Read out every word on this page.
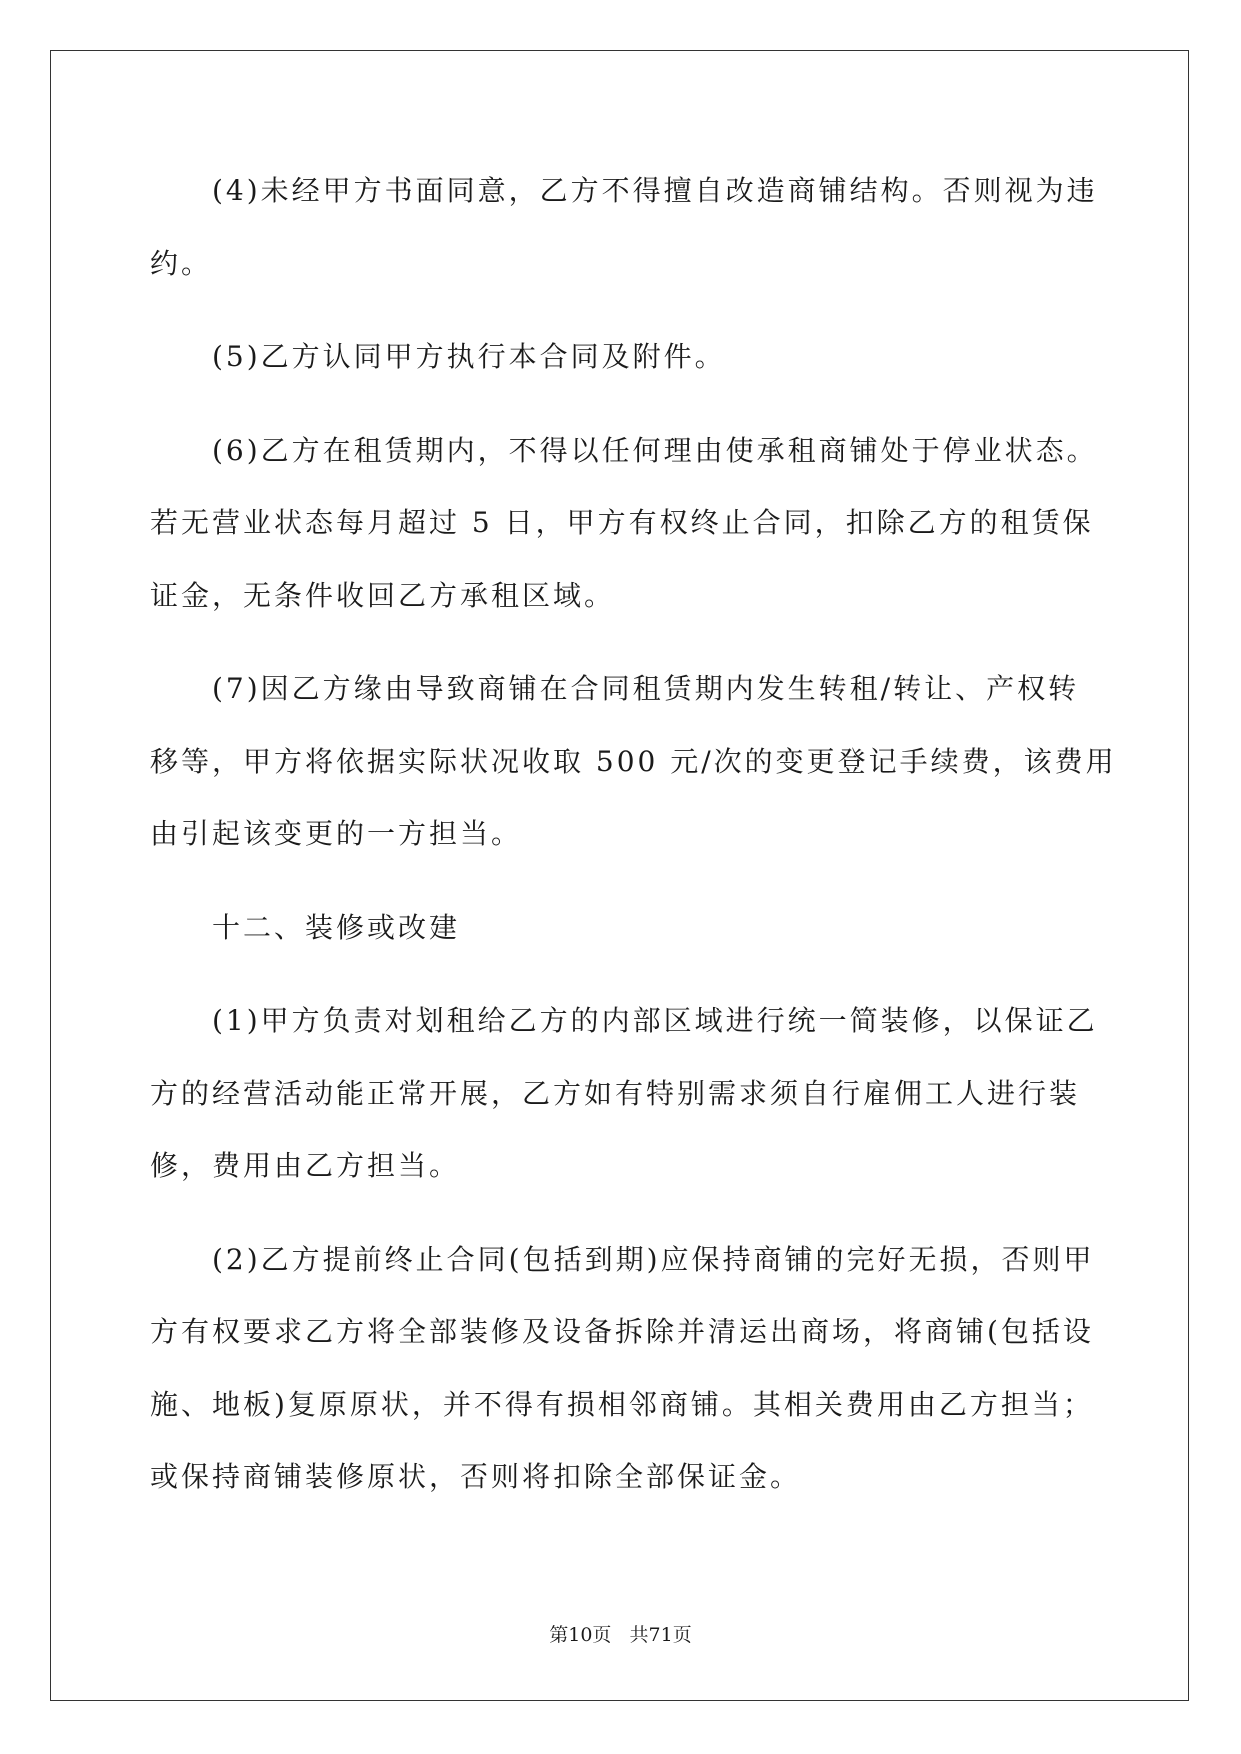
(4)未经甲方书面同意，乙方不得擅自改造商铺结构。否则视为违
约。

(5)乙方认同甲方执行本合同及附件。

(6)乙方在租赁期内，不得以任何理由使承租商铺处于停业状态。
若无营业状态每月超过 5 日，甲方有权终止合同，扣除乙方的租赁保
证金，无条件收回乙方承租区域。

(7)因乙方缘由导致商铺在合同租赁期内发生转租/转让、产权转
移等，甲方将依据实际状况收取 500 元/次的变更登记手续费，该费用
由引起该变更的一方担当。

十二、装修或改建

(1)甲方负责对划租给乙方的内部区域进行统一简装修，以保证乙
方的经营活动能正常开展，乙方如有特别需求须自行雇佣工人进行装
修，费用由乙方担当。

(2)乙方提前终止合同(包括到期)应保持商铺的完好无损，否则甲
方有权要求乙方将全部装修及设备拆除并清运出商场，将商铺(包括设
施、地板)复原原状，并不得有损相邻商铺。其相关费用由乙方担当；
或保持商铺装修原状，否则将扣除全部保证金。

第10页   共71页
